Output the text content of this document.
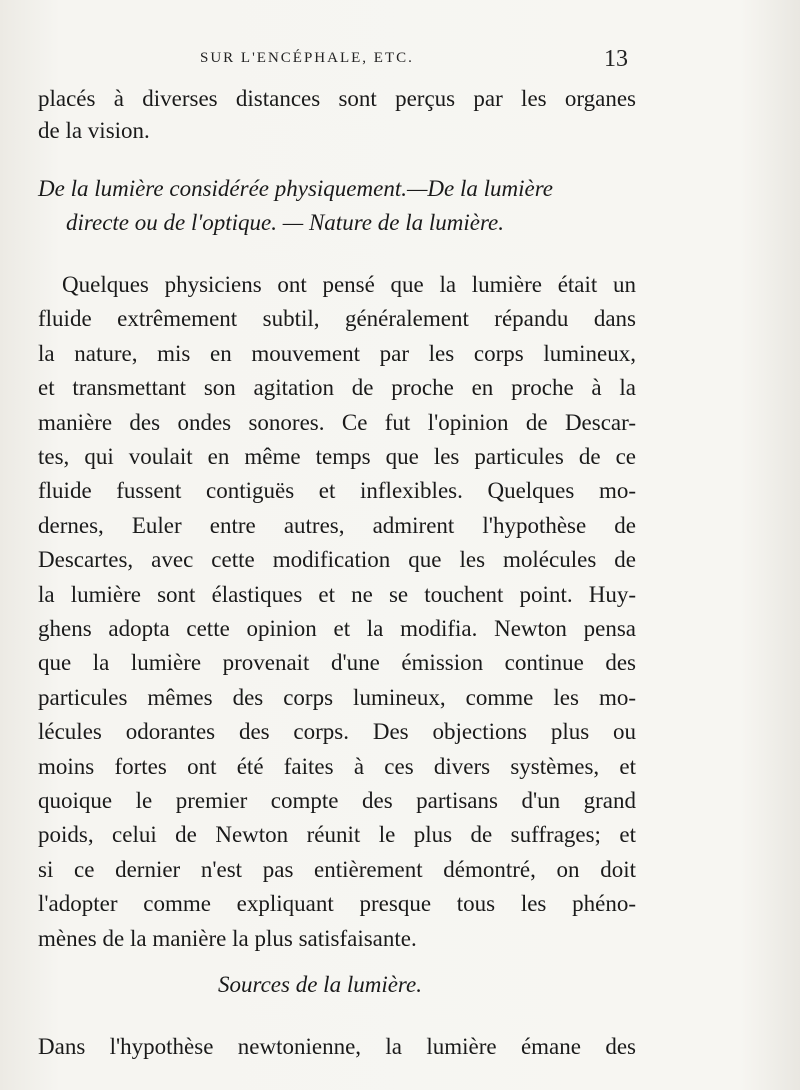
SUR L'ENCÉPHALE, ETC.	13
placés à diverses distances sont perçus par les organes
de la vision.
De la lumière considérée physiquement.—De la lumière
directe ou de l'optique. — Nature de la lumière.
Quelques physiciens ont pensé que la lumière était un
fluide extrêmement subtil, généralement répandu dans
la nature, mis en mouvement par les corps lumineux,
et transmettant son agitation de proche en proche à la
manière des ondes sonores. Ce fut l'opinion de Descar-
tes, qui voulait en même temps que les particules de ce
fluide fussent contiguës et inflexibles. Quelques mo-
dernes, Euler entre autres, admirent l'hypothèse de
Descartes, avec cette modification que les molécules de
la lumière sont élastiques et ne se touchent point. Huy-
ghens adopta cette opinion et la modifia. Newton pensa
que la lumière provenait d'une émission continue des
particules mêmes des corps lumineux, comme les mo-
lécules odorantes des corps. Des objections plus ou
moins fortes ont été faites à ces divers systèmes, et
quoique le premier compte des partisans d'un grand
poids, celui de Newton réunit le plus de suffrages; et
si ce dernier n'est pas entièrement démontré, on doit
l'adopter comme expliquant presque tous les phéno-
mènes de la manière la plus satisfaisante.
Sources de la lumière.
Dans l'hypothèse newtonienne, la lumière émane des
